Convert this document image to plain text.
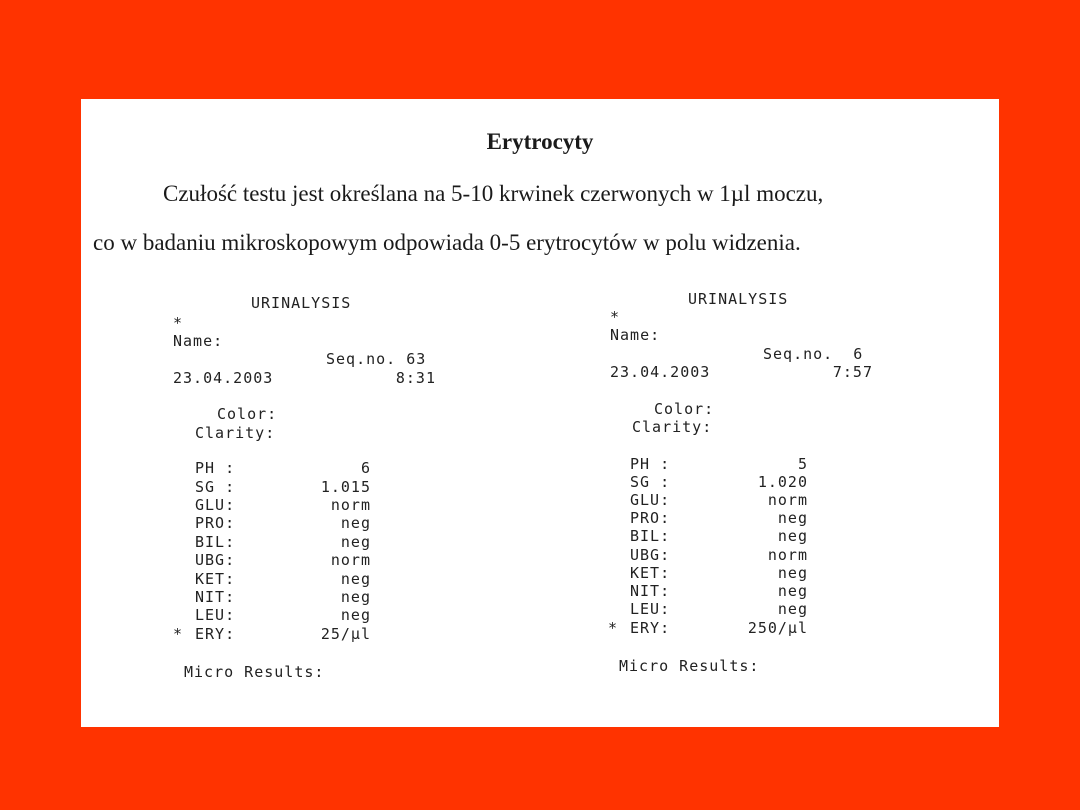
Erytrocyty
Czułość testu jest określana na 5-10 krwinek czerwonych w 1µl moczu,
co w badaniu mikroskopowym odpowiada 0-5 erytrocytów w polu widzenia.
URINALYSIS
*
Name:
Seq.no. 63
23.04.2003	8:31
Color:
Clarity:
PH :	6
SG :	1.015
GLU:	norm
PRO:	neg
BIL:	neg
UBG:	norm
KET:	neg
NIT:	neg
LEU:	neg
* ERY:	25/µl
Micro Results:
URINALYSIS
*
Name:
Seq.no.  6
23.04.2003	7:57
Color:
Clarity:
PH :	5
SG :	1.020
GLU:	norm
PRO:	neg
BIL:	neg
UBG:	norm
KET:	neg
NIT:	neg
LEU:	neg
* ERY:	250/µl
Micro Results:
